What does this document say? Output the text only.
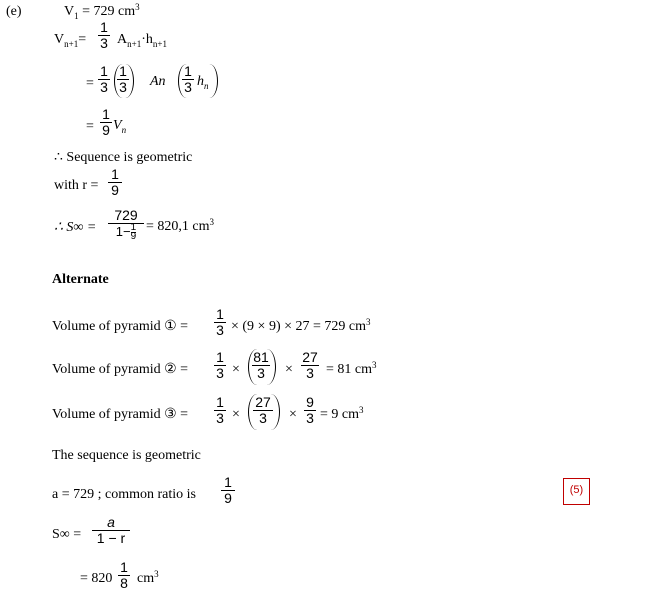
(e)	$V_1 = 729$ $cm^3$
$V_{n+1}= \frac{1}{3} A_{n+1}\cdot h_{n+1}$
= $\frac{1}{3} \frac{1}{3}$ An $\frac{1}{3} h_n$
= $\frac{1}{9} V_n$
∴ Sequence is geometric
with $r = \frac{1}{9}$
∴ $S\infty = \frac{729}{1- \frac{1}{9}} = 820,1$ $cm^3$
Alternate
Volume of pyramid ① = $\frac{1}{3} \times (9 \times 9) \times 27 = 729$ $cm^3$
Volume of pyramid ② = $\frac{1}{3} \times \frac{81}{3} \times \frac{27}{3} = 81$ $cm^3$
Volume of pyramid ③ = $\frac{1}{3} \times \frac{27}{3} \times \frac{9}{3} = 9$ $cm^3$
The sequence is geometric
a = 729 ; common ratio is $\frac{1}{9}$	(5)
$S\infty = \frac{a}{1 - r}$
= $820 \frac{1}{8} cm^3$
